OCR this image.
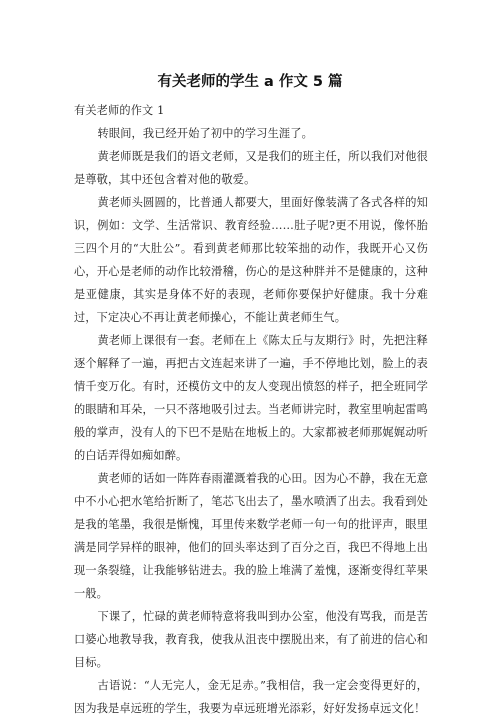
有关老师的学生 a 作文 5 篇

有关老师的作文 1

转眼间，我已经开始了初中的学习生涯了。

黄老师既是我们的语文老师，又是我们的班主任，所以我们对他很是尊敬，其中还包含着对他的敬爱。

黄老师头圆圆的，比普通人都要大，里面好像装满了各式各样的知识，例如：文学、生活常识、教育经验……肚子呢?更不用说，像怀胎三四个月的“大肚公”。看到黄老师那比较笨拙的动作，我既开心又伤心，开心是老师的动作比较滑稽，伤心的是这种胖并不是健康的，这种是亚健康，其实是身体不好的表现，老师你要保护好健康。我十分难过，下定决心不再让黄老师操心，不能让黄老师生气。

黄老师上课很有一套。老师在上《陈太丘与友期行》时，先把注释逐个解释了一遍，再把古文连起来讲了一遍，手不停地比划，脸上的表情千变万化。有时，还模仿文中的友人变现出愤怒的样子，把全班同学的眼睛和耳朵，一只不落地吸引过去。当老师讲完时，教室里响起雷鸣般的掌声，没有人的下巴不是贴在地板上的。大家都被老师那娓娓动听的白话弄得如痴如醉。

黄老师的话如一阵阵春雨灌溉着我的心田。因为心不静，我在无意中不小心把水笔给折断了，笔芯飞出去了，墨水喷洒了出去。我看到处是我的笔墨，我很是惭愧，耳里传来数学老师一句一句的批评声，眼里满是同学异样的眼神，他们的回头率达到了百分之百，我巴不得地上出现一条裂缝，让我能够钻进去。我的脸上堆满了羞愧，逐渐变得红苹果一般。

下课了，忙碌的黄老师特意将我叫到办公室，他没有骂我，而是苦口婆心地教导我，教育我，使我从沮丧中摆脱出来，有了前进的信心和目标。

古语说：“人无完人，金无足赤。”我相信，我一定会变得更好的，因为我是卓远班的学生，我要为卓远班增光添彩，好好发扬卓远文化！
